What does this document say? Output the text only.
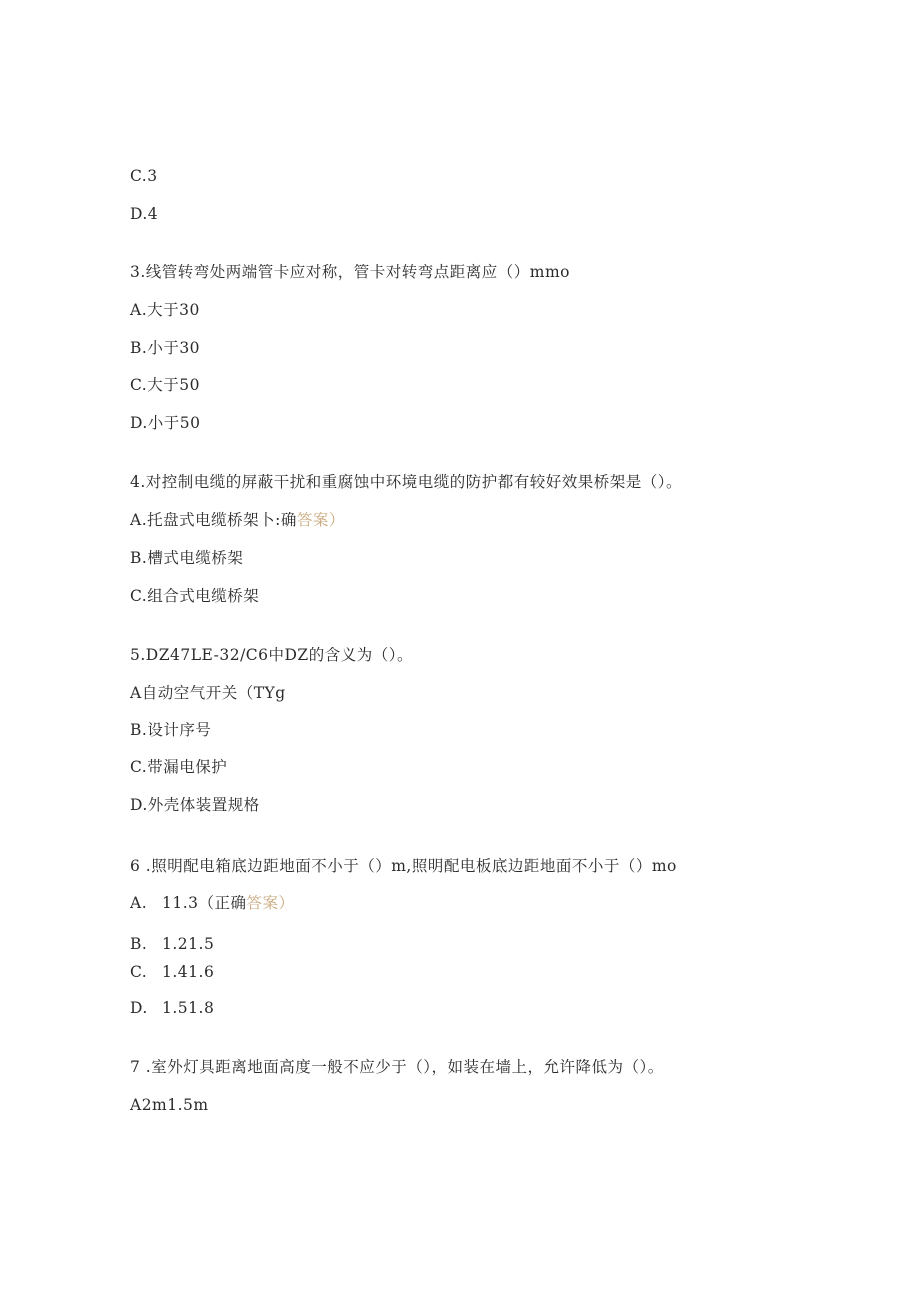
C.3
D.4
3.线管转弯处两端管卡应对称，管卡对转弯点距离应（）mmo
A.大于30
B.小于30
C.大于50
D.小于50
4.对控制电缆的屏蔽干扰和重腐蚀中环境电缆的防护都有较好效果桥架是（）。
A.托盘式电缆桥架卜:确答案）
B.槽式电缆桥架
C.组合式电缆桥架
5.DZ47LE-32/C6中DZ的含义为（）。
A自动空气开关（TYg
B.设计序号
C.带漏电保护
D.外壳体装置规格
6 .照明配电箱底边距地面不小于（）m,照明配电板底边距地面不小于（）mo
A. 11.3（正确答案）
B. 1.21.5
C. 1.41.6
D. 1.51.8
7 .室外灯具距离地面高度一般不应少于（），如装在墙上，允许降低为（）。
A2m1.5m
